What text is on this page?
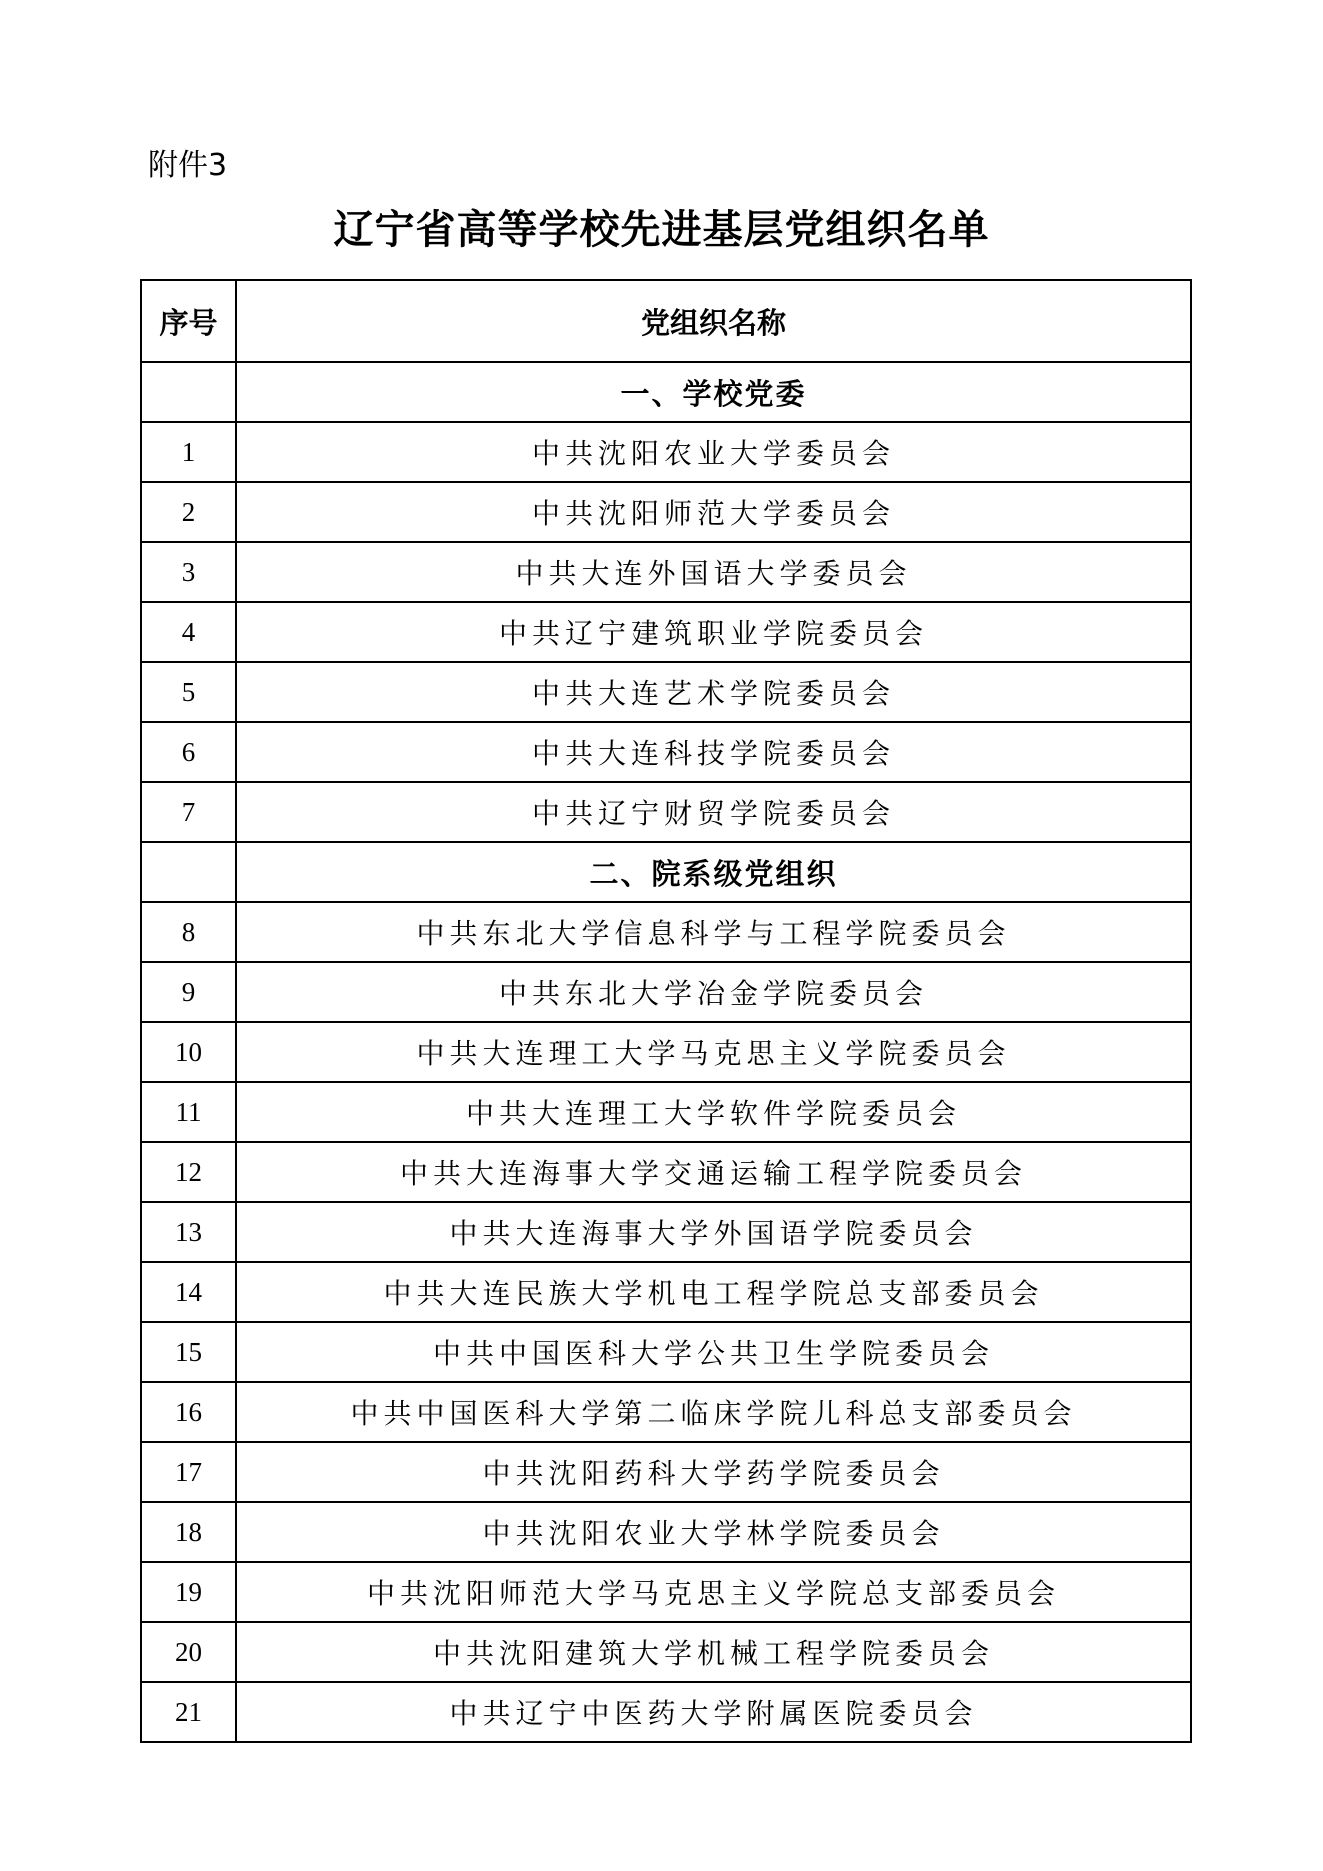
附件3
辽宁省高等学校先进基层党组织名单
序号	党组织名称
	一、学校党委
1	中共沈阳农业大学委员会
2	中共沈阳师范大学委员会
3	中共大连外国语大学委员会
4	中共辽宁建筑职业学院委员会
5	中共大连艺术学院委员会
6	中共大连科技学院委员会
7	中共辽宁财贸学院委员会
	二、院系级党组织
8	中共东北大学信息科学与工程学院委员会
9	中共东北大学冶金学院委员会
10	中共大连理工大学马克思主义学院委员会
11	中共大连理工大学软件学院委员会
12	中共大连海事大学交通运输工程学院委员会
13	中共大连海事大学外国语学院委员会
14	中共大连民族大学机电工程学院总支部委员会
15	中共中国医科大学公共卫生学院委员会
16	中共中国医科大学第二临床学院儿科总支部委员会
17	中共沈阳药科大学药学院委员会
18	中共沈阳农业大学林学院委员会
19	中共沈阳师范大学马克思主义学院总支部委员会
20	中共沈阳建筑大学机械工程学院委员会
21	中共辽宁中医药大学附属医院委员会
